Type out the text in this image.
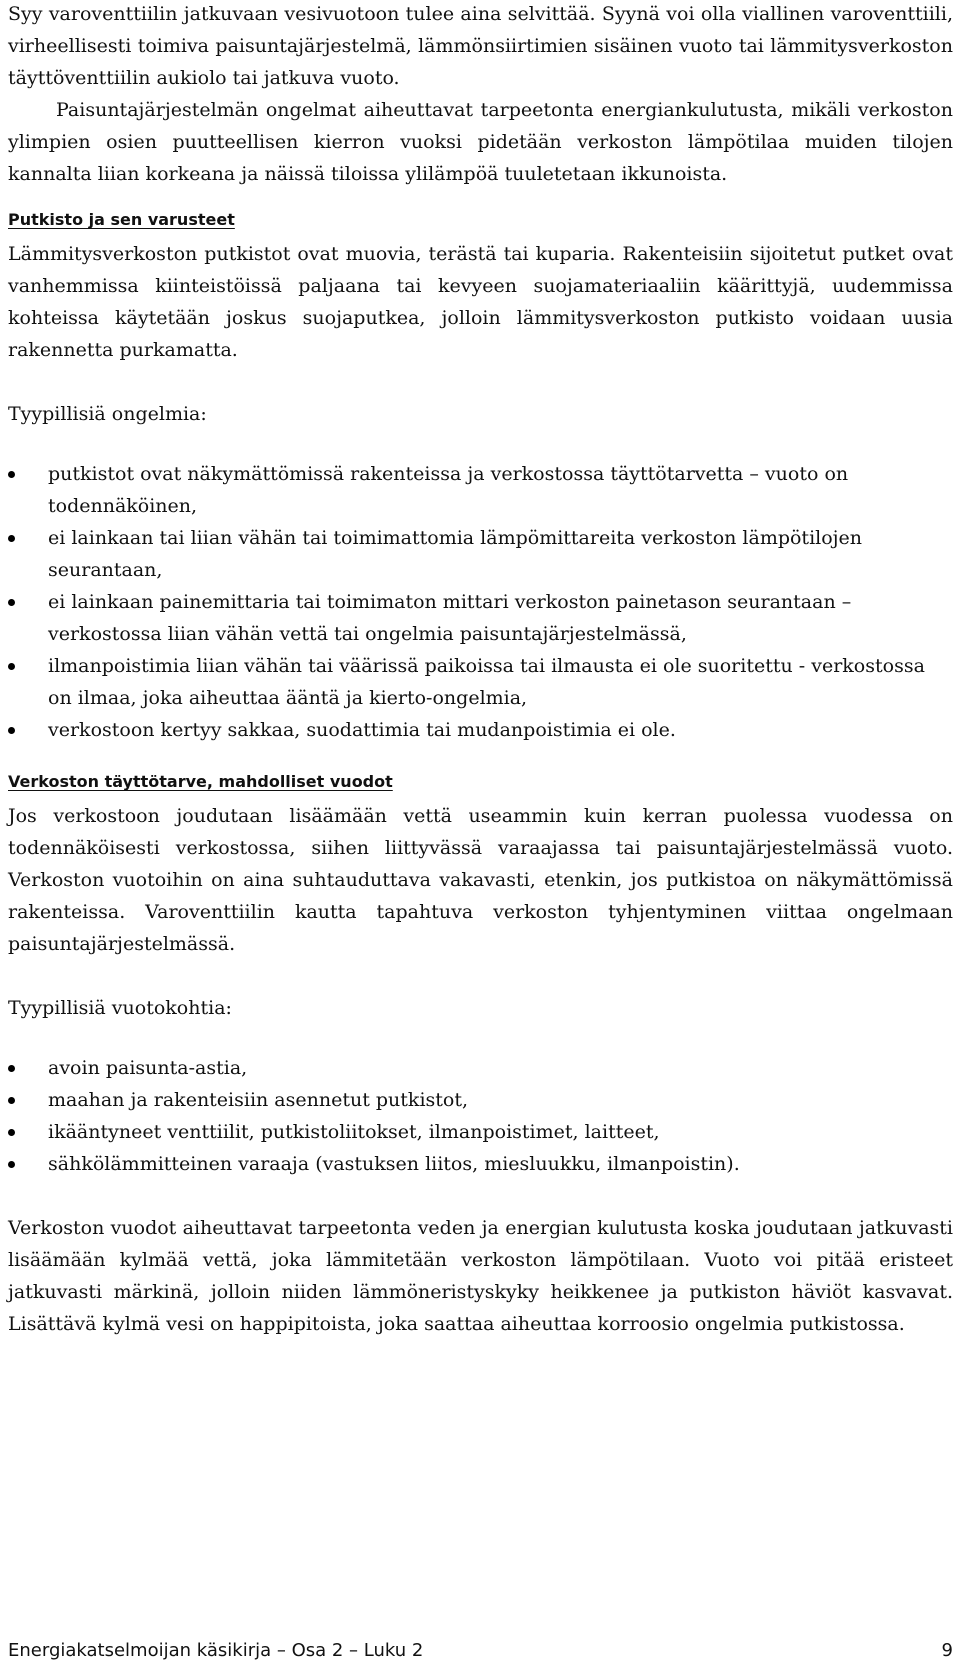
Syy varoventtiilin jatkuvaan vesivuotoon tulee aina selvittää. Syynä voi olla viallinen varoventtiili, virheellisesti toimiva paisuntajärjestelmä, lämmönsiirtimien sisäinen vuoto tai lämmitysverkoston täyttöventtiilin aukiolo tai jatkuva vuoto.

Paisuntajärjestelmän ongelmat aiheuttavat tarpeetonta energiankulutusta, mikäli verkoston ylimpien osien puutteellisen kierron vuoksi pidetään verkoston lämpötilaa muiden tilojen kannalta liian korkeana ja näissä tiloissa ylilämpöä tuuletetaan ikkunoista.

Putkisto ja sen varusteet

Lämmitysverkoston putkistot ovat muovia, terästä tai kuparia. Rakenteisiin sijoitetut putket ovat vanhemmissa kiinteistöissä paljaana tai kevyeen suojamateriaaliin käärittyjä, uudemmissa kohteissa käytetään joskus suojaputkea, jolloin lämmitysverkoston putkisto voidaan uusia rakennetta purkamatta.

Tyypillisiä ongelmia:

putkistot ovat näkymättömissä rakenteissa ja verkostossa täyttötarvetta – vuoto on todennäköinen,
ei lainkaan tai liian vähän tai toimimattomia lämpömittareita verkoston lämpötilojen seurantaan,
ei lainkaan painemittaria tai toimimaton mittari verkoston painetason seurantaan – verkostossa liian vähän vettä tai ongelmia paisuntajärjestelmässä,
ilmanpoistimia liian vähän tai väärissä paikoissa tai ilmausta ei ole suoritettu - verkostossa on ilmaa, joka aiheuttaa ääntä ja kierto-ongelmia,
verkostoon kertyy sakkaa, suodattimia tai mudanpoistimia ei ole.
Verkoston täyttötarve, mahdolliset vuodot

Jos verkostoon joudutaan lisäämään vettä useammin kuin kerran puolessa vuodessa on todennäköisesti verkostossa, siihen liittyvässä varaajassa tai paisuntajärjestelmässä vuoto. Verkoston vuotoihin on aina suhtauduttava vakavasti, etenkin, jos putkistoa on näkymättömissä rakenteissa. Varoventtiilin kautta tapahtuva verkoston tyhjentyminen viittaa ongelmaan paisuntajärjestelmässä.

Tyypillisiä vuotokohtia:

avoin paisunta-astia,
maahan ja rakenteisiin asennetut putkistot,
ikääntyneet venttiilit, putkistoliitokset, ilmanpoistimet, laitteet,
sähkölämmitteinen varaaja (vastuksen liitos, miesluukku, ilmanpoistin).

Verkoston vuodot aiheuttavat tarpeetonta veden ja energian kulutusta koska joudutaan jatkuvasti lisäämään kylmää vettä, joka lämmitetään verkoston lämpötilaan. Vuoto voi pitää eristeet jatkuvasti märkinä, jolloin niiden lämmöneristyskyky heikkenee ja putkiston häviöt kasvavat. Lisättävä kylmä vesi on happipitoista, joka saattaa aiheuttaa korroosio ongelmia putkistossa.

Energiakatselmoijan käsikirja – Osa 2 – Luku 2	9
